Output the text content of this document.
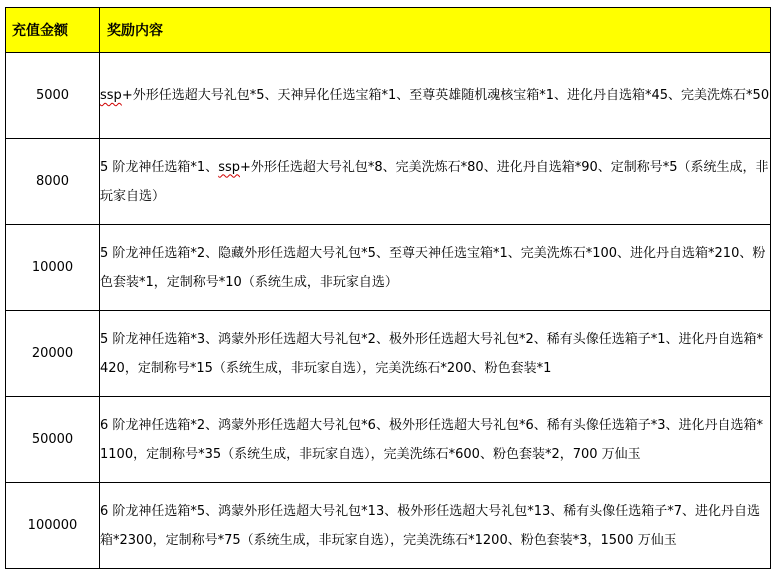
充值金额	奖励内容
5000	ssp+外形任选超大号礼包*5、天神异化任选宝箱*1、至尊英雄随机魂核宝箱*1、进化丹自选箱*45、完美洗炼石*50
8000	5 阶龙神任选箱*1、ssp+外形任选超大号礼包*8、完美洗炼石*80、进化丹自选箱*90、定制称号*5（系统生成，非玩家自选）
10000	5 阶龙神任选箱*2、隐藏外形任选超大号礼包*5、至尊天神任选宝箱*1、完美洗炼石*100、进化丹自选箱*210、粉色套装*1，定制称号*10（系统生成，非玩家自选）
20000	5 阶龙神任选箱*3、鸿蒙外形任选超大号礼包*2、极外形任选超大号礼包*2、稀有头像任选箱子*1、进化丹自选箱*420，定制称号*15（系统生成，非玩家自选），完美洗练石*200、粉色套装*1
50000	6 阶龙神任选箱*2、鸿蒙外形任选超大号礼包*6、极外形任选超大号礼包*6、稀有头像任选箱子*3、进化丹自选箱*1100，定制称号*35（系统生成，非玩家自选），完美洗练石*600、粉色套装*2，700 万仙玉
100000	6 阶龙神任选箱*5、鸿蒙外形任选超大号礼包*13、极外形任选超大号礼包*13、稀有头像任选箱子*7、进化丹自选箱*2300，定制称号*75（系统生成，非玩家自选），完美洗练石*1200、粉色套装*3，1500 万仙玉
